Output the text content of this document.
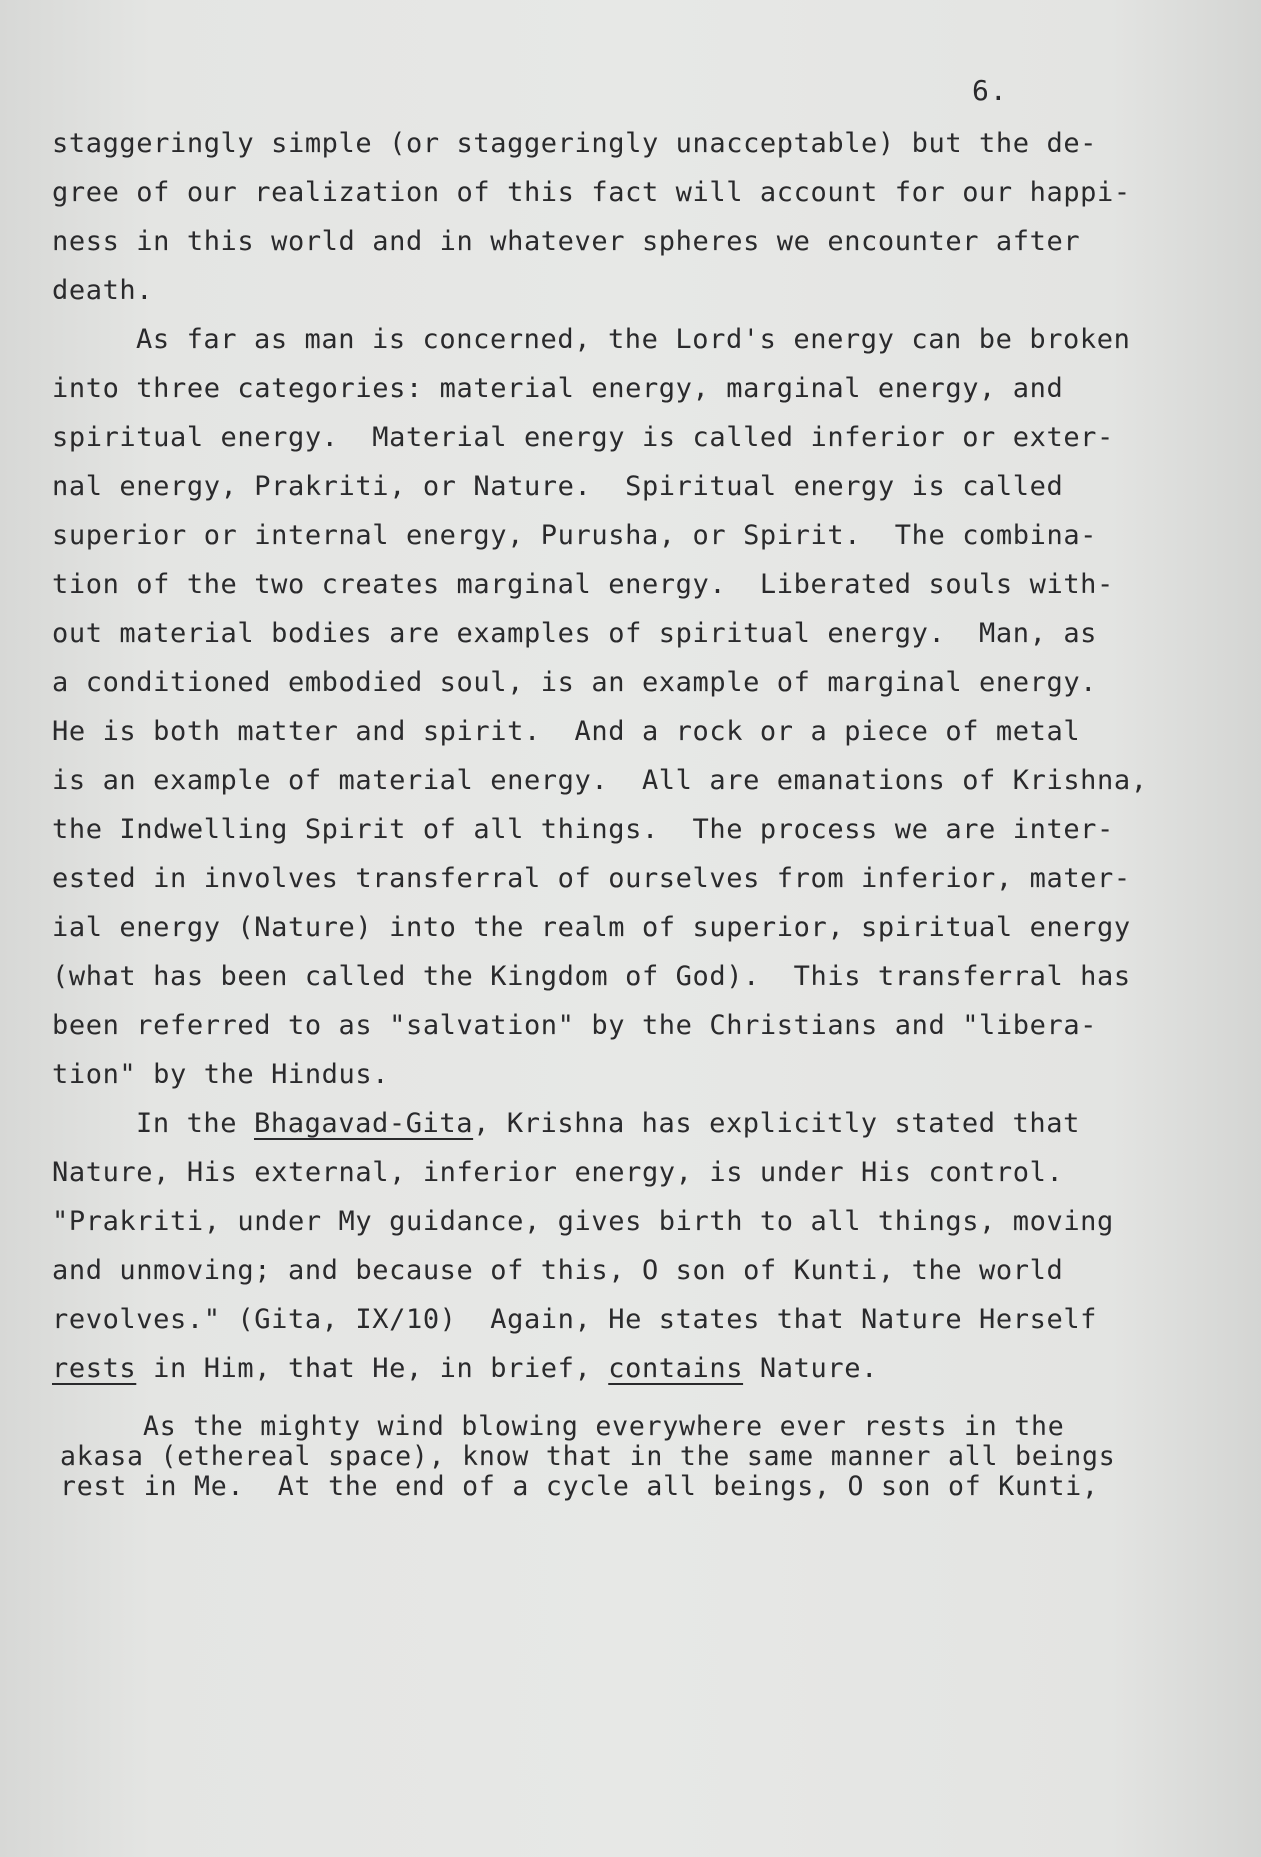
6.
staggeringly simple (or staggeringly unacceptable) but the de-
gree of our realization of this fact will account for our happi-
ness in this world and in whatever spheres we encounter after
death.
As far as man is concerned, the Lord's energy can be broken
into three categories: material energy, marginal energy, and
spiritual energy.  Material energy is called inferior or exter-
nal energy, Prakriti, or Nature.  Spiritual energy is called
superior or internal energy, Purusha, or Spirit.  The combina-
tion of the two creates marginal energy.  Liberated souls with-
out material bodies are examples of spiritual energy.  Man, as
a conditioned embodied soul, is an example of marginal energy.
He is both matter and spirit.  And a rock or a piece of metal
is an example of material energy.  All are emanations of Krishna,
the Indwelling Spirit of all things.  The process we are inter-
ested in involves transferral of ourselves from inferior, mater-
ial energy (Nature) into the realm of superior, spiritual energy
(what has been called the Kingdom of God).  This transferral has
been referred to as "salvation" by the Christians and "libera-
tion" by the Hindus.
In the Bhagavad-Gita, Krishna has explicitly stated that
Nature, His external, inferior energy, is under His control.
"Prakriti, under My guidance, gives birth to all things, moving
and unmoving; and because of this, O son of Kunti, the world
revolves." (Gita, IX/10)  Again, He states that Nature Herself
rests in Him, that He, in brief, contains Nature.
As the mighty wind blowing everywhere ever rests in the
akasa (ethereal space), know that in the same manner all beings
rest in Me.  At the end of a cycle all beings, O son of Kunti,
